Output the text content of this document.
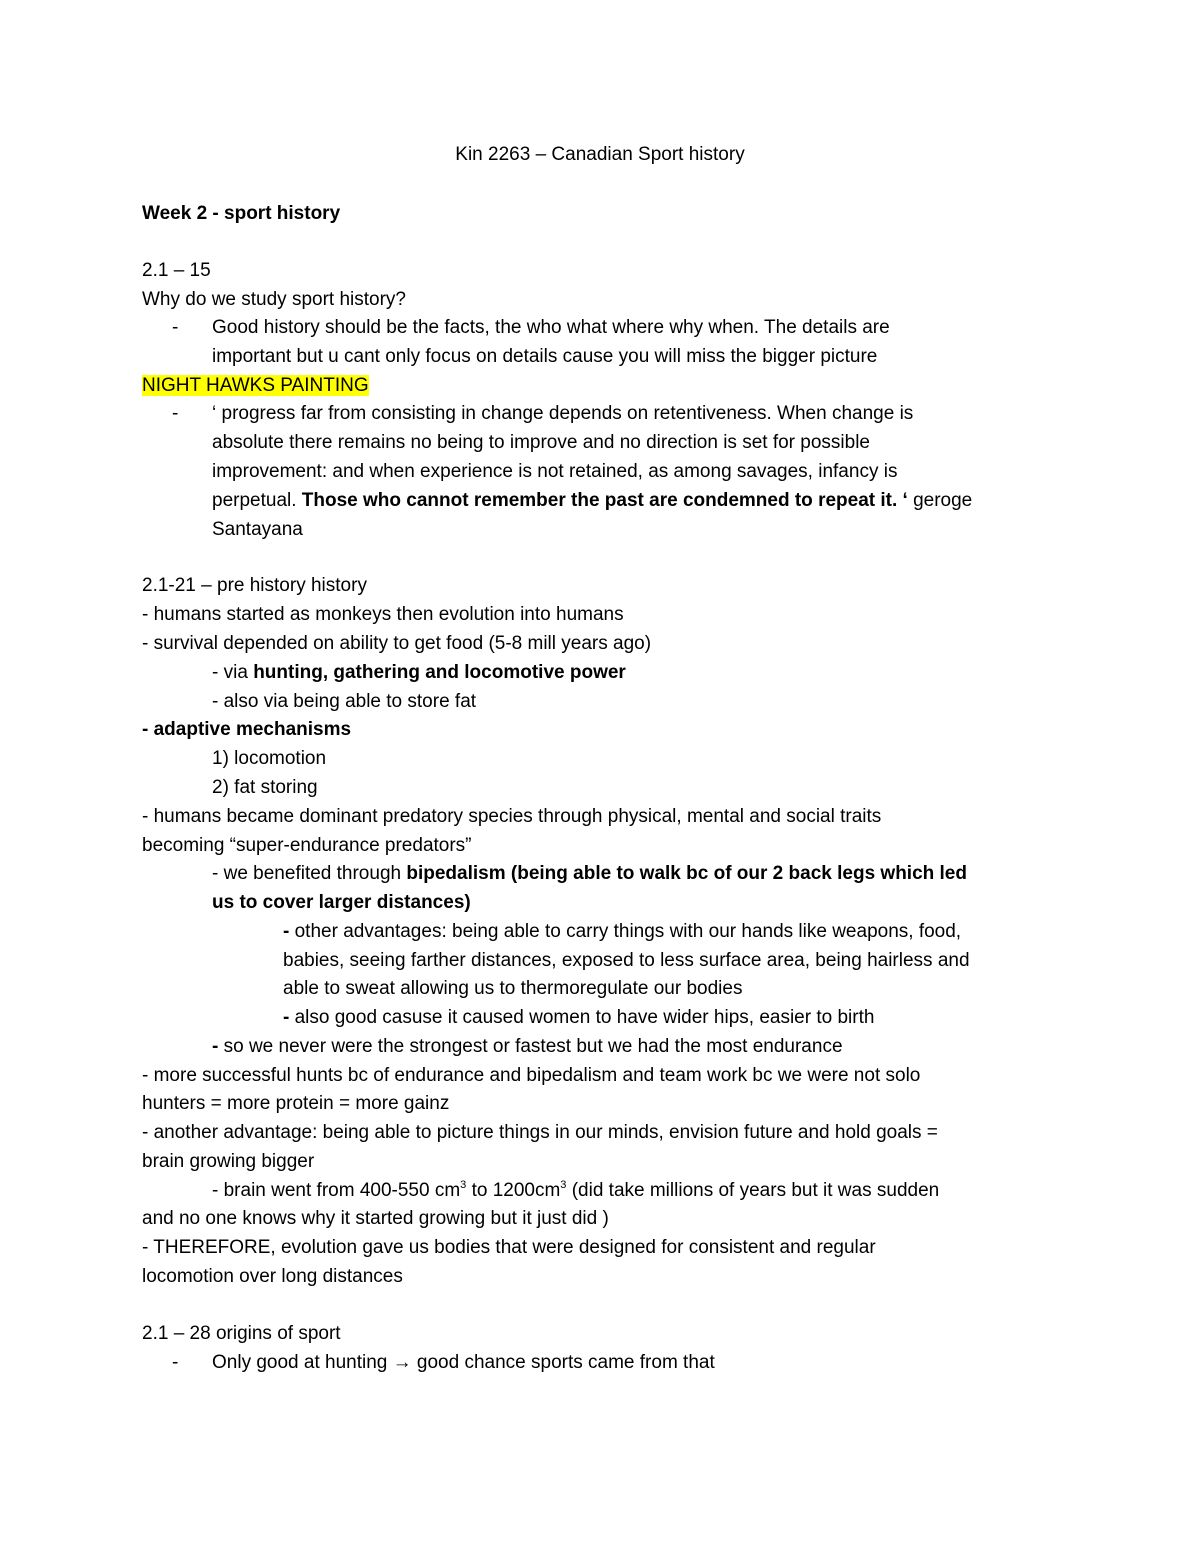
Kin 2263 – Canadian Sport history
Week 2 - sport history
2.1 – 15
Why do we study sport history?
- Good history should be the facts, the who what where why when. The details are
important but u cant only focus on details cause you will miss the bigger picture
NIGHT HAWKS PAINTING
- ‘ progress far from consisting in change depends on retentiveness. When change is
absolute there remains no being to improve and no direction is set for possible
improvement: and when experience is not retained, as among savages, infancy is
perpetual. Those who cannot remember the past are condemned to repeat it. ‘ geroge
Santayana
2.1-21 – pre history history
- humans started as monkeys then evolution into humans
- survival depended on ability to get food (5-8 mill years ago)
- via hunting, gathering and locomotive power
- also via being able to store fat
- adaptive mechanisms
1) locomotion
2) fat storing
- humans became dominant predatory species through physical, mental and social traits
becoming “super-endurance predators”
- we benefited through bipedalism (being able to walk bc of our 2 back legs which led
us to cover larger distances)
- other advantages: being able to carry things with our hands like weapons, food,
babies, seeing farther distances, exposed to less surface area, being hairless and
able to sweat allowing us to thermoregulate our bodies
- also good casuse it caused women to have wider hips, easier to birth
- so we never were the strongest or fastest but we had the most endurance
- more successful hunts bc of endurance and bipedalism and team work bc we were not solo
hunters = more protein = more gainz
- another advantage: being able to picture things in our minds, envision future and hold goals =
brain growing bigger
- brain went from 400-550 $cm^3$ to $1200cm^3$ (did take millions of years but it was sudden
and no one knows why it started growing but it just did )
- THEREFORE, evolution gave us bodies that were designed for consistent and regular
locomotion over long distances
2.1 – 28 origins of sport
- Only good at hunting → good chance sports came from that
